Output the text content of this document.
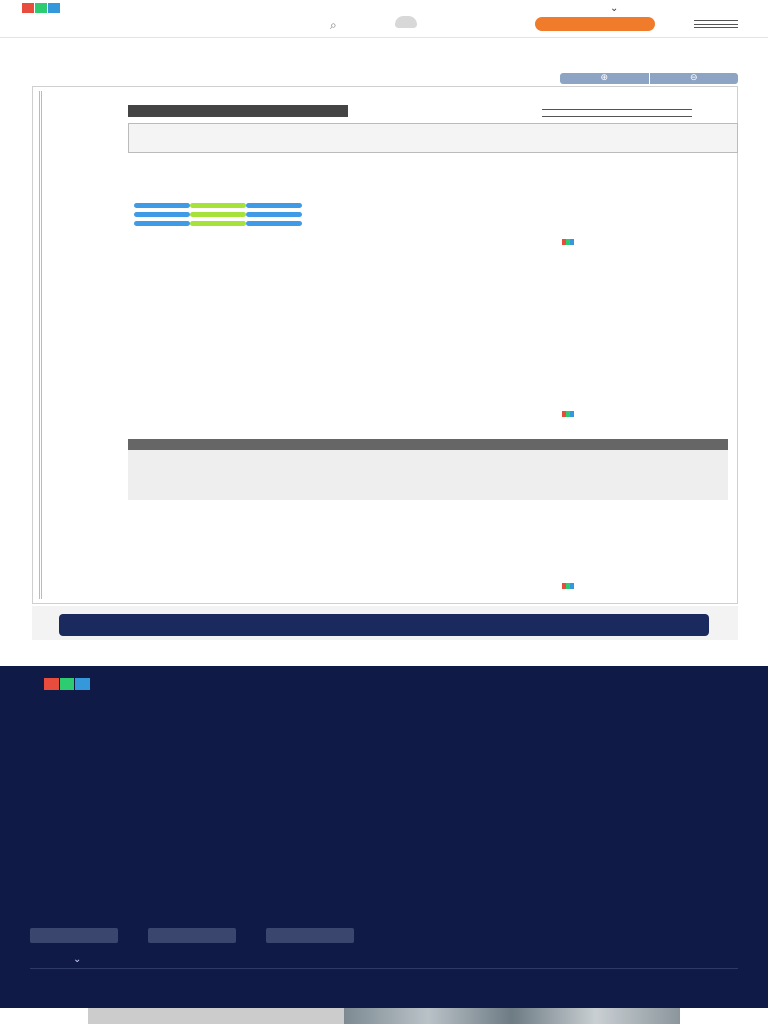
⌄
⌕
⊕	⊖
⌄
